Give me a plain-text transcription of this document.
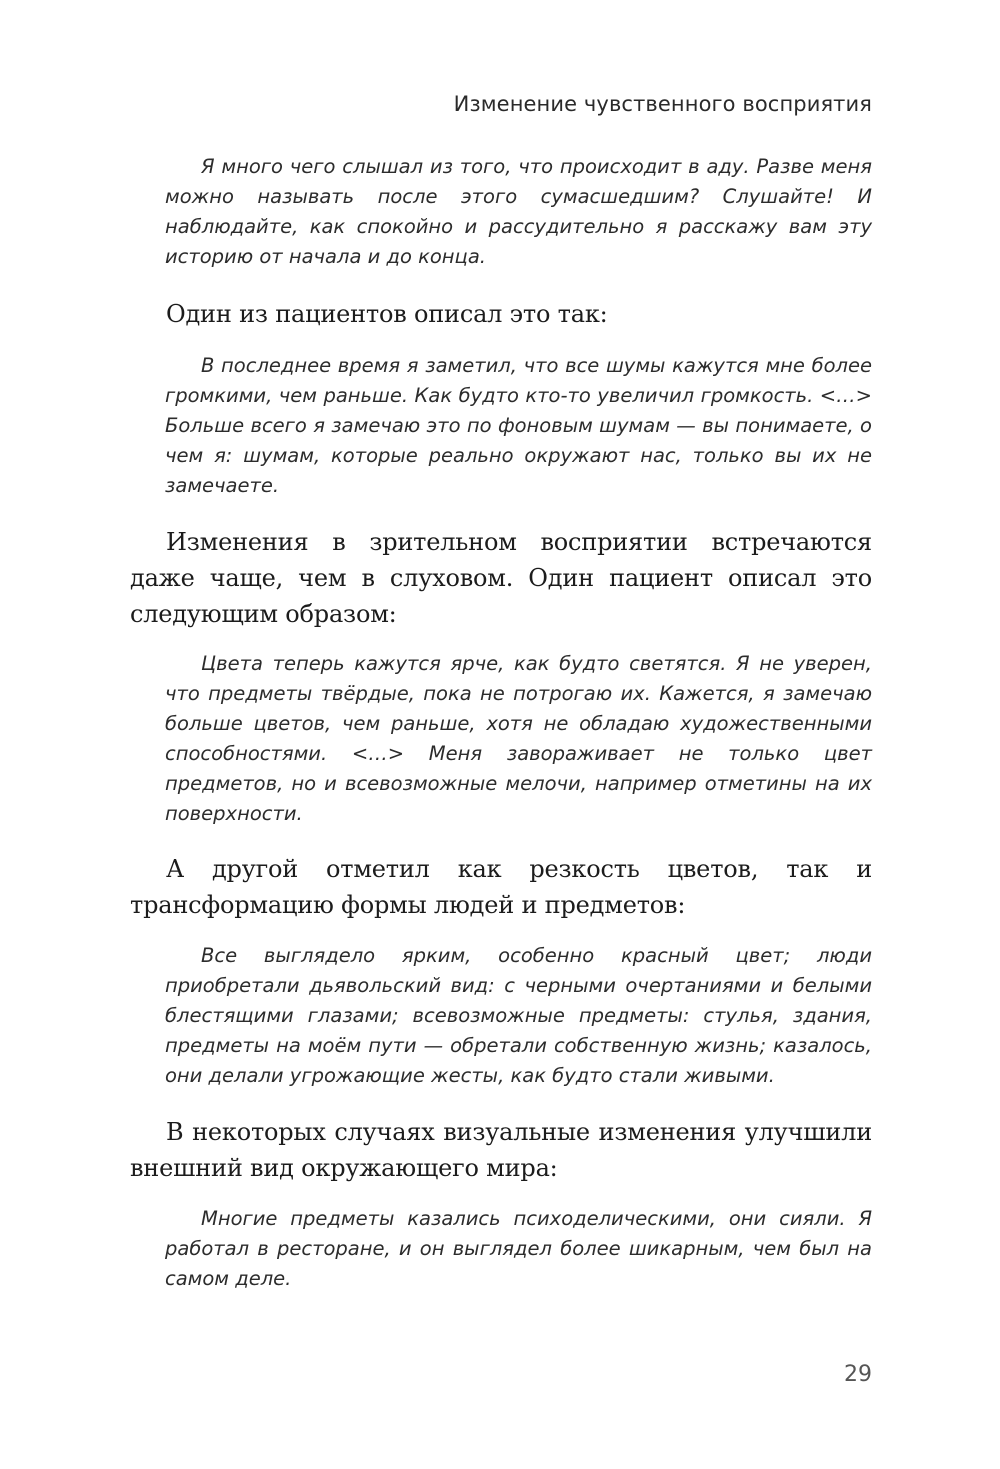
Изменение чувственного восприятия

Я много чего слышал из того, что происходит в аду. Разве меня можно называть после этого сумасшедшим? Слушайте! И наблюдайте, как спокойно и рассудительно я расскажу вам эту историю от начала и до конца.

Один из пациентов описал это так:

В последнее время я заметил, что все шумы кажутся мне более громкими, чем раньше. Как будто кто-то увеличил громкость. <…> Больше всего я замечаю это по фоновым шумам — вы понимаете, о чем я: шумам, которые реально окружают нас, только вы их не замечаете.

Изменения в зрительном восприятии встречаются даже чаще, чем в слуховом. Один пациент описал это следующим образом:

Цвета теперь кажутся ярче, как будто светятся. Я не уверен, что предметы твёрдые, пока не потрогаю их. Кажется, я замечаю больше цветов, чем раньше, хотя не обладаю художественными способностями. <…> Меня завораживает не только цвет предметов, но и всевозможные мелочи, например отметины на их поверхности.

А другой отметил как резкость цветов, так и трансформацию формы людей и предметов:

Все выглядело ярким, особенно красный цвет; люди приобретали дьявольский вид: с черными очертаниями и белыми блестящими глазами; всевозможные предметы: стулья, здания, предметы на моём пути — обретали собственную жизнь; казалось, они делали угрожающие жесты, как будто стали живыми.

В некоторых случаях визуальные изменения улучшили внешний вид окружающего мира:

Многие предметы казались психоделическими, они сияли. Я работал в ресторане, и он выглядел более шикарным, чем был на самом деле.

29
